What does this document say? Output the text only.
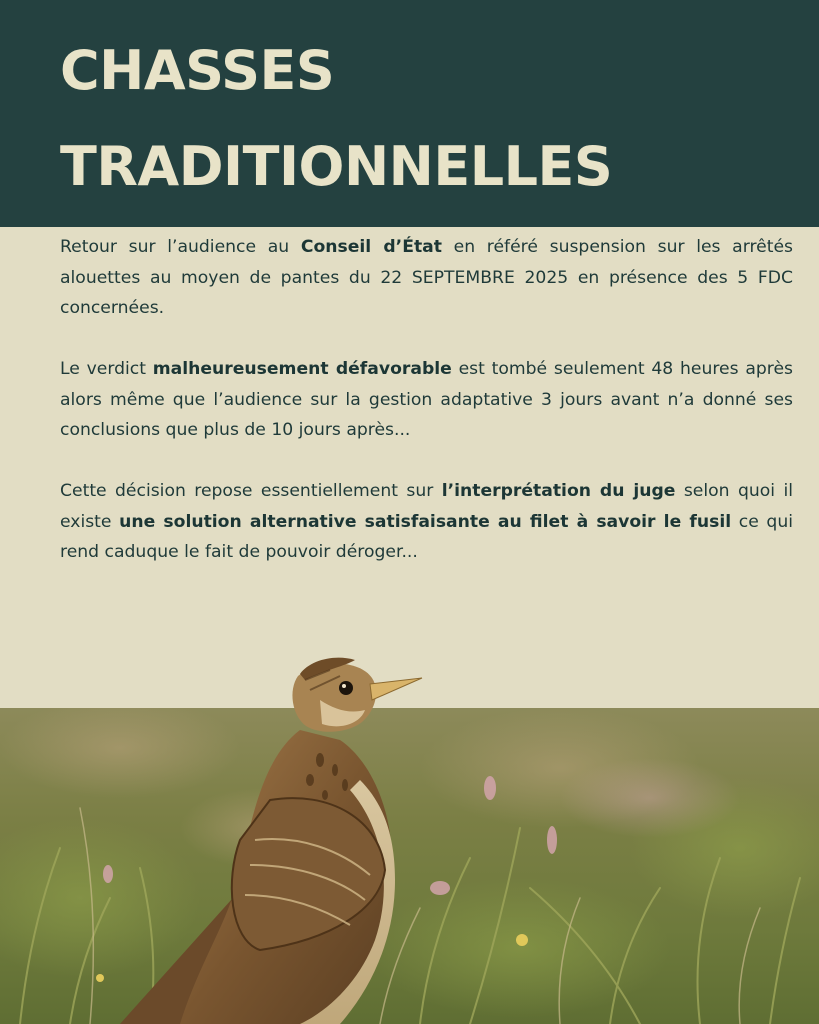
CHASSES
TRADITIONNELLES

Retour sur l’audience au Conseil d’État en référé suspension sur les arrêtés alouettes au moyen de pantes du 22 SEPTEMBRE 2025 en présence des 5 FDC concernées.

Le verdict malheureusement défavorable est tombé seulement 48 heures après alors même que l’audience sur la gestion adaptative 3 jours avant n’a donné ses conclusions que plus de 10 jours après...

Cette décision repose essentiellement sur l’interprétation du juge selon quoi il existe une solution alternative satisfaisante au filet à savoir le fusil ce qui rend caduque le fait de pouvoir déroger...
